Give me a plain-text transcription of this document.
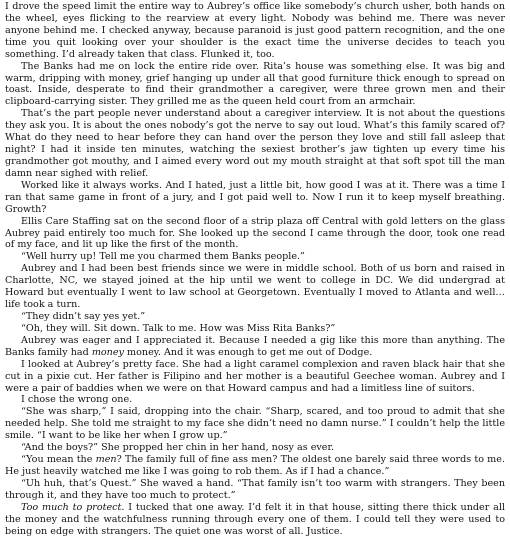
I drove the speed limit the entire way to Aubrey’s office like somebody’s church usher, both hands on the wheel, eyes flicking to the rearview at every light. Nobody was behind me. There was never anyone behind me. I checked anyway, because paranoid is just good pattern recognition, and the one time you quit looking over your shoulder is the exact time the universe decides to teach you something. I’d already taken that class. Flunked it, too.

The Banks had me on lock the entire ride over. Rita’s house was something else. It was big and warm, dripping with money, grief hanging up under all that good furniture thick enough to spread on toast. Inside, desperate to find their grandmother a caregiver, were three grown men and their clipboard-carrying sister. They grilled me as the queen held court from an armchair.

That’s the part people never understand about a caregiver interview. It is not about the questions they ask you. It is about the ones nobody’s got the nerve to say out loud. What’s this family scared of? What do they need to hear before they can hand over the person they love and still fall asleep that night? I had it inside ten minutes, watching the sexiest brother’s jaw tighten up every time his grandmother got mouthy, and I aimed every word out my mouth straight at that soft spot till the man damn near sighed with relief.

Worked like it always works. And I hated, just a little bit, how good I was at it. There was a time I ran that same game in front of a jury, and I got paid well to. Now I run it to keep myself breathing. Growth?

Ellis Care Staffing sat on the second floor of a strip plaza off Central with gold letters on the glass Aubrey paid entirely too much for. She looked up the second I came through the door, took one read of my face, and lit up like the first of the month.

“Well hurry up! Tell me you charmed them Banks people.”

Aubrey and I had been best friends since we were in middle school. Both of us born and raised in Charlotte, NC, we stayed joined at the hip until we went to college in DC. We did undergrad at Howard but eventually I went to law school at Georgetown. Eventually I moved to Atlanta and well… life took a turn.

“They didn’t say yes yet.”

“Oh, they will. Sit down. Talk to me. How was Miss Rita Banks?”

Aubrey was eager and I appreciated it. Because I needed a gig like this more than anything. The Banks family had money money. And it was enough to get me out of Dodge.

I looked at Aubrey’s pretty face. She had a light caramel complexion and raven black hair that she cut in a pixie cut. Her father is Filipino and her mother is a beautiful Geechee woman. Aubrey and I were a pair of baddies when we were on that Howard campus and had a limitless line of suitors.

I chose the wrong one.

“She was sharp,” I said, dropping into the chair. “Sharp, scared, and too proud to admit that she needed help. She told me straight to my face she didn’t need no damn nurse.” I couldn’t help the little smile. “I want to be like her when I grow up.”

“And the boys?” She propped her chin in her hand, nosy as ever.

“You mean the men? The family full of fine ass men? The oldest one barely said three words to me. He just heavily watched me like I was going to rob them. As if I had a chance.”

“Uh huh, that’s Quest.” She waved a hand. “That family isn’t too warm with strangers. They been through it, and they have too much to protect.”

Too much to protect. I tucked that one away. I’d felt it in that house, sitting there thick under all the money and the watchfulness running through every one of them. I could tell they were used to being on edge with strangers. The quiet one was worst of all. Justice.
